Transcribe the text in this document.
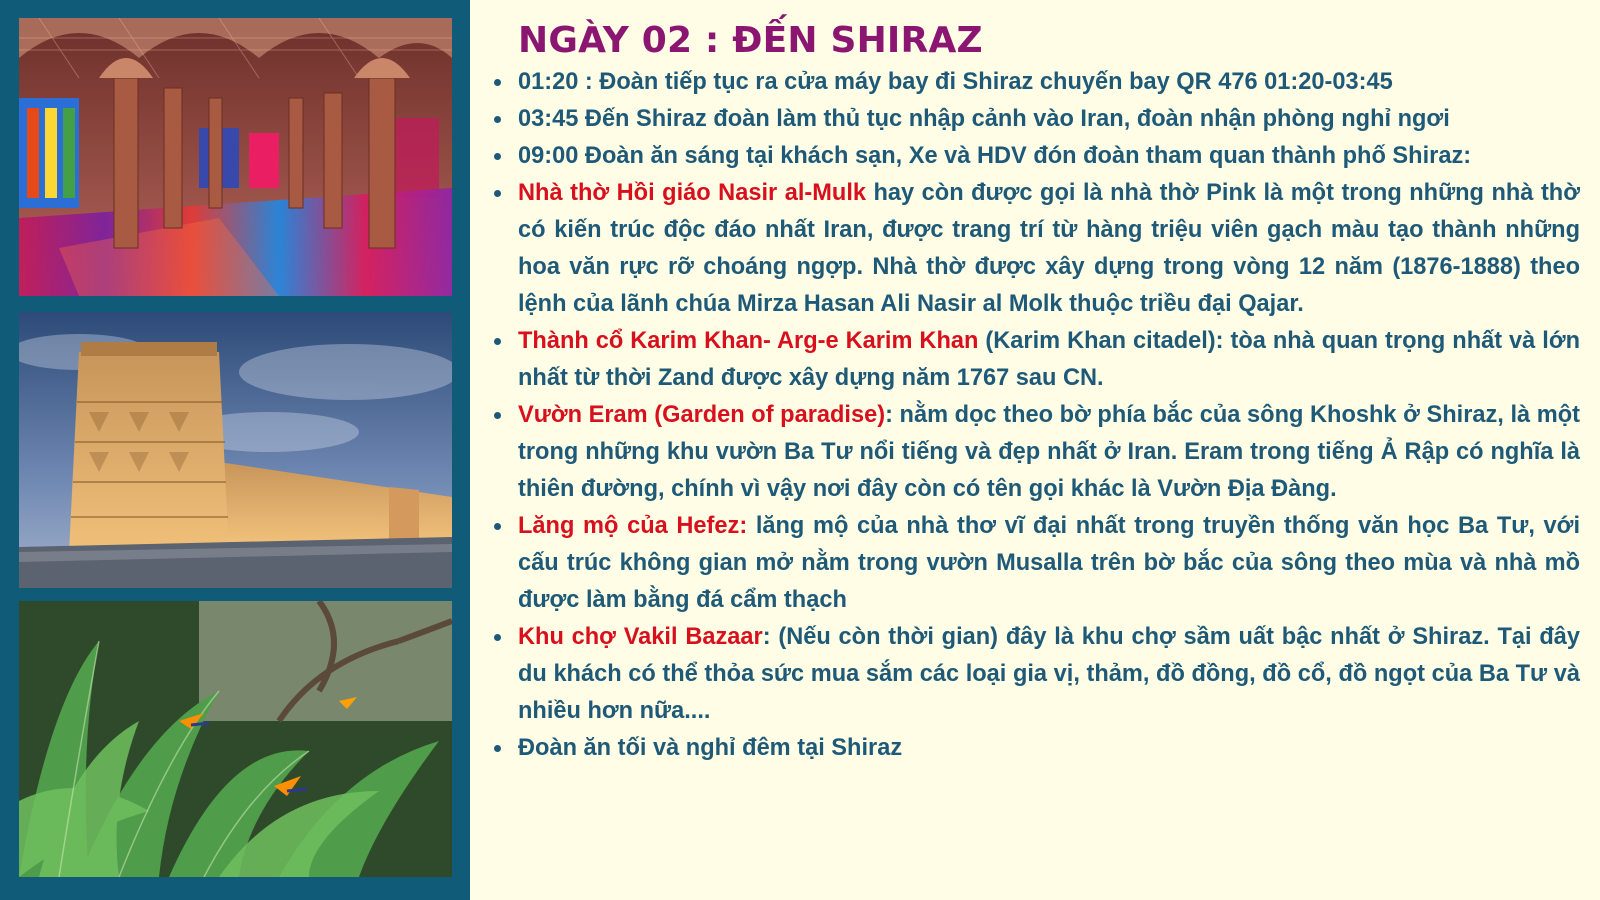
NGÀY 02 : ĐẾN SHIRAZ
01:20 : Đoàn tiếp tục ra cửa máy bay đi Shiraz chuyến bay QR 476 01:20-03:45
03:45 Đến Shiraz đoàn làm thủ tục nhập cảnh vào Iran, đoàn nhận phòng nghỉ ngơi
09:00 Đoàn ăn sáng tại khách sạn, Xe và HDV đón đoàn tham quan thành phố Shiraz:
Nhà thờ Hồi giáo Nasir al-Mulk hay còn được gọi là nhà thờ Pink là một trong những nhà thờ có kiến trúc độc đáo nhất Iran, được trang trí từ hàng triệu viên gạch màu tạo thành những hoa văn rực rỡ choáng ngợp. Nhà thờ được xây dựng trong vòng 12 năm (1876-1888) theo lệnh của lãnh chúa Mirza Hasan Ali Nasir al Molk thuộc triều đại Qajar.
Thành cổ Karim Khan- Arg-e Karim Khan (Karim Khan citadel): tòa nhà quan trọng nhất và lớn nhất từ thời Zand được xây dựng năm 1767 sau CN.
Vườn Eram (Garden of paradise): nằm dọc theo bờ phía bắc của sông Khoshk ở Shiraz, là một trong những khu vườn Ba Tư nổi tiếng và đẹp nhất ở Iran. Eram trong tiếng Ả Rập có nghĩa là thiên đường, chính vì vậy nơi đây còn có tên gọi khác là Vườn Địa Đàng.
Lăng mộ của Hefez: lăng mộ của nhà thơ vĩ đại nhất trong truyền thống văn học Ba Tư, với cấu trúc không gian mở nằm trong vườn Musalla trên bờ bắc của sông theo mùa và nhà mồ được làm bằng đá cẩm thạch
Khu chợ Vakil Bazaar: (Nếu còn thời gian) đây là khu chợ sầm uất bậc nhất ở Shiraz. Tại đây du khách có thể thỏa sức mua sắm các loại gia vị, thảm, đồ đồng, đồ cổ, đồ ngọt của Ba Tư và nhiều hơn nữa....
Đoàn ăn tối và nghỉ đêm tại Shiraz
